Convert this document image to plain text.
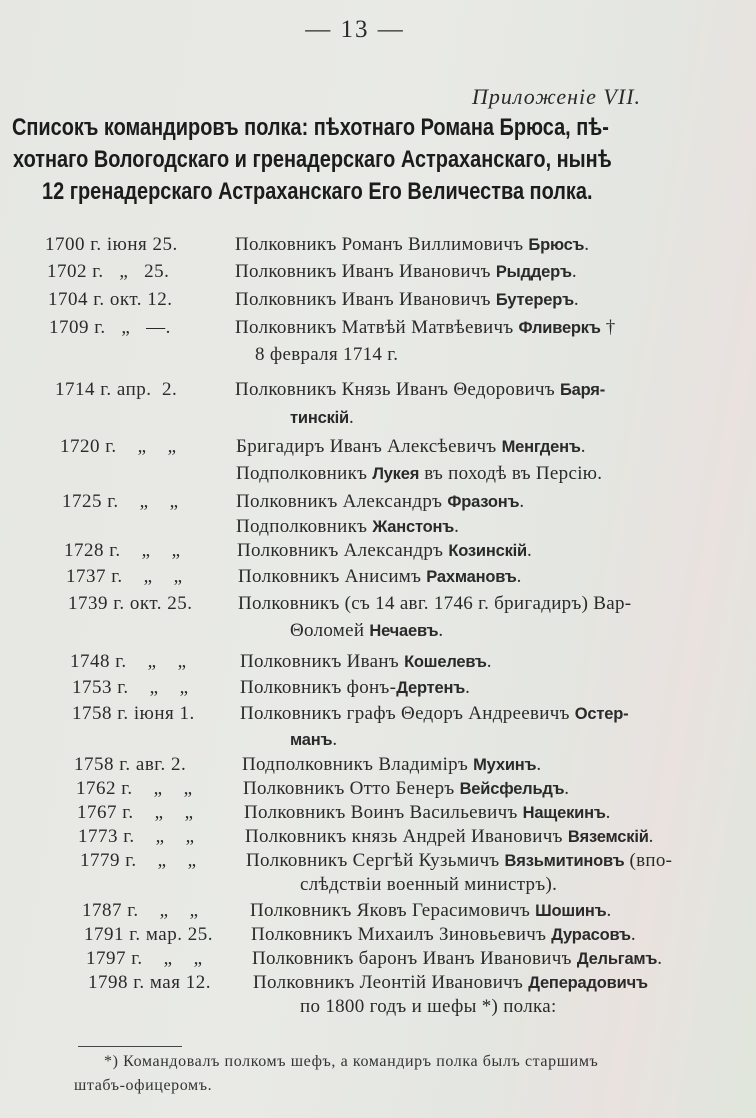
— 13 —
Приложеніе VII.
Списокъ командировъ полка: пѣхотнаго Романа Брюса, пѣ-
хотнаго Вологодскаго и гренадерскаго Астраханскаго, нынѣ
12 гренадерскаго Астраханскаго Его Величества полка.
1700 г. іюня 25.	Полковникъ Романъ Виллимовичъ Брюсъ.
1702 г.   „   25.	Полковникъ Иванъ Ивановичъ Рыддеръ.
1704 г. окт. 12.	Полковникъ Иванъ Ивановичъ Бутереръ.
1709 г.   „   —.	Полковникъ Матвѣй Матвѣевичъ Фливеркъ †
8 февраля 1714 г.
1714 г. апр.  2.	Полковникъ Князь Иванъ Θедоровичъ Баря-
тинскій.
1720 г.    „    „	Бригадиръ Иванъ Алексѣевичъ Менгденъ.
Подполковникъ Лукея въ походѣ въ Персію.
1725 г.    „    „	Полковникъ Александръ Фразонъ.
Подполковникъ Жанстонъ.
1728 г.    „    „	Полковникъ Александръ Козинскій.
1737 г.    „    „	Полковникъ Анисимъ Рахмановъ.
1739 г. окт. 25. Полковникъ (съ 14 авг. 1746 г. бригадиръ) Вар-
Θоломей Нечаевъ.
1748 г.    „    „	Полковникъ Иванъ Кошелевъ.
1753 г.    „    „	Полковникъ фонъ-Дертенъ.
1758 г. іюня 1. Полковникъ графъ Θедоръ Андреевичъ Остер-
манъ.
1758 г. авг. 2.	Подполковникъ Владиміръ Мухинъ.
1762 г.    „    „	Полковникъ Отто Бенеръ Вейсфельдъ.
1767 г.    „    „	Полковникъ Воинъ Васильевичъ Нащекинъ.
1773 г.    „    „	Полковникъ князь Андрей Ивановичъ Вяземскій.
1779 г.    „    „	Полковникъ Сергѣй Кузьмичъ Вязьмитиновъ (впо-
слѣдствіи военный министръ).
1787 г.    „    „	Полковникъ Яковъ Герасимовичъ Шошинъ.
1791 г. мар. 25. Полковникъ Михаилъ Зиновьевичъ Дурасовъ.
1797 г.    „    „	Полковникъ баронъ Иванъ Ивановичъ Дельгамъ.
1798 г. мая 12. Полковникъ Леонтій Ивановичъ Деперадовичъ
по 1800 годъ и шефы *) полка:
*) Командовалъ полкомъ шефъ, а командиръ полка былъ старшимъ
штабъ-офицеромъ.
